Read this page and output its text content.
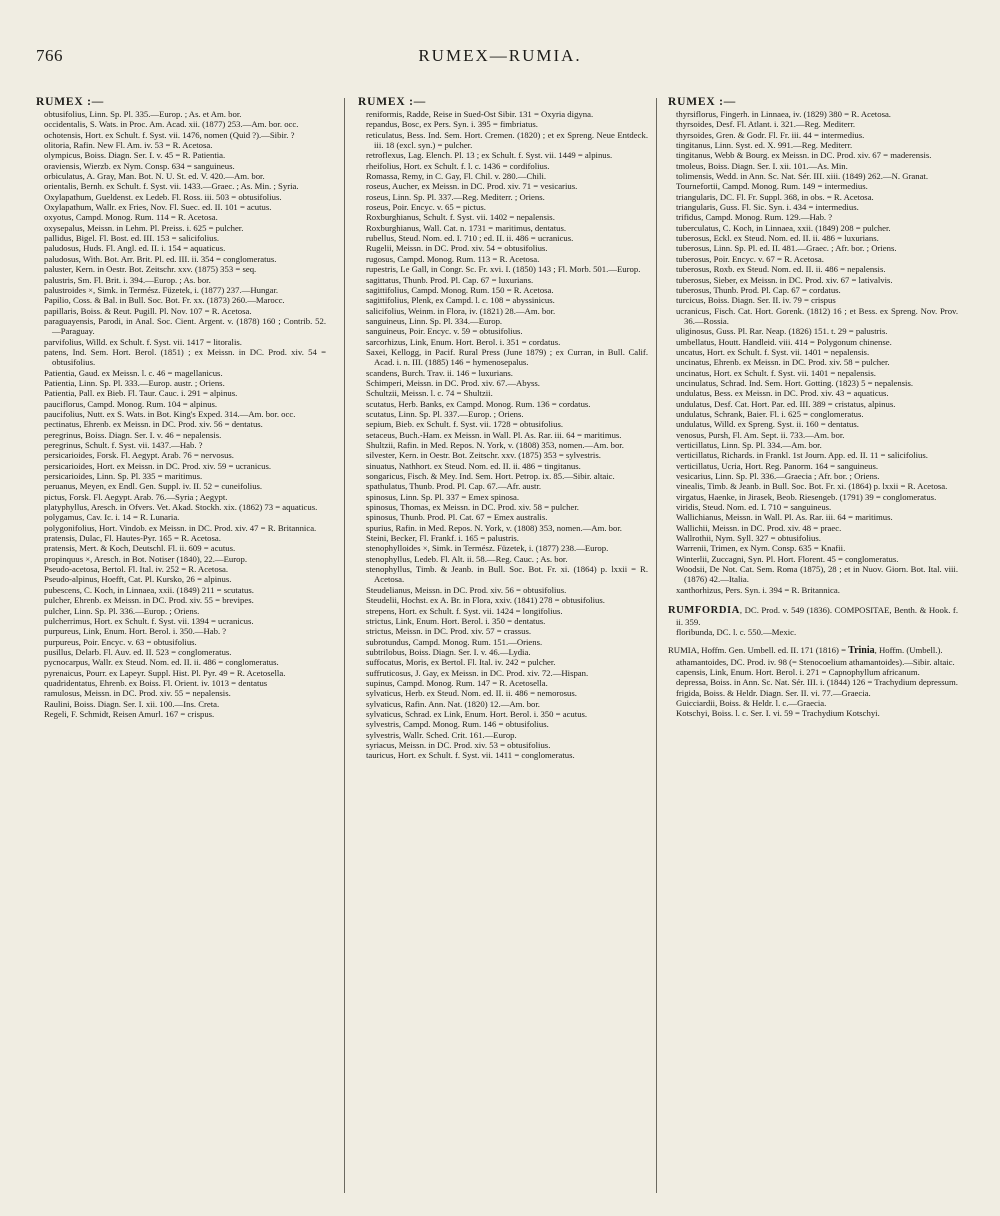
766	RUMEX—RUMIA.
RUMEX :—

obtusifolius, Linn. Sp. Pl. 335.—Europ. ; As. et Am. bor.

occidentalis, S. Wats. in Proc. Am. Acad. xii. (1877) 253.—Am. bor. occ.

ochotensis, Hort. ex Schult. f. Syst. vii. 1476, nomen (Quid ?).—Sibir. ?

olitoria, Rafin. New Fl. Am. iv. 53 = R. Acetosa.

olympicus, Boiss. Diagn. Ser. I. v. 45 = R. Patientia.

oraviensis, Wierzb. ex Nym. Consp. 634 = sanguineus.

orbiculatus, A. Gray, Man. Bot. N. U. St. ed. V. 420.—Am. bor.

orientalis, Bernh. ex Schult. f. Syst. vii. 1433.—Graec. ; As. Min. ; Syria.

Oxylapathum, Gueldenst. ex Ledeb. Fl. Ross. iii. 503 = obtusifolius.

Oxylapathum, Wallr. ex Fries, Nov. Fl. Suec. ed. II. 101 = acutus.

oxyotus, Campd. Monog. Rum. 114 = R. Acetosa.

oxysepalus, Meissn. in Lehm. Pl. Preiss. i. 625 = pulcher.

pallidus, Bigel. Fl. Bost. ed. III. 153 = salicifolius.

paludosus, Huds. Fl. Angl. ed. II. i. 154 = aquaticus.

paludosus, With. Bot. Arr. Brit. Pl. ed. III. ii. 354 = conglomeratus.

paluster, Kern. in Oestr. Bot. Zeitschr. xxv. (1875) 353 = seq.

palustris, Sm. Fl. Brit. i. 394.—Europ. ; As. bor.

palustroides ×, Simk. in Termész. Füzetek, i. (1877) 237.—Hungar.

Papilio, Coss. & Bal. in Bull. Soc. Bot. Fr. xx. (1873) 260.—Marocc.

papillaris, Boiss. & Reut. Pugill. Pl. Nov. 107 = R. Acetosa.

paraguayensis, Parodi, in Anal. Soc. Cient. Argent. v. (1878) 160 ; Contrib. 52.—Paraguay.

parvifolius, Willd. ex Schult. f. Syst. vii. 1417 = litoralis.

patens, Ind. Sem. Hort. Berol. (1851) ; ex Meissn. in DC. Prod. xiv. 54 = obtusifolius.

Patientia, Gaud. ex Meissn. l. c. 46 = magellanicus.

Patientia, Linn. Sp. Pl. 333.—Europ. austr. ; Oriens.

Patientia, Pall. ex Bieb. Fl. Taur. Cauc. i. 291 = alpinus.

pauciflorus, Campd. Monog. Rum. 104 = alpinus.

paucifolius, Nutt. ex S. Wats. in Bot. King's Exped. 314.—Am. bor. occ.

pectinatus, Ehrenb. ex Meissn. in DC. Prod. xiv. 56 = dentatus.

peregrinus, Boiss. Diagn. Ser. I. v. 46 = nepalensis.

peregrinus, Schult. f. Syst. vii. 1437.—Hab. ?

persicarioides, Forsk. Fl. Aegypt. Arab. 76 = nervosus.

persicarioides, Hort. ex Meissn. in DC. Prod. xiv. 59 = ucranicus.

persicarioides, Linn. Sp. Pl. 335 = maritimus.

peruanus, Meyen, ex Endl. Gen. Suppl. iv. II. 52 = cuneifolius.

pictus, Forsk. Fl. Aegypt. Arab. 76.—Syria ; Aegypt.

platyphyllus, Aresch. in Ofvers. Vet. Akad. Stockh. xix. (1862) 73 = aquaticus.

polygamus, Cav. Ic. i. 14 = R. Lunaria.

polygonifolius, Hort. Vindob. ex Meissn. in DC. Prod. xiv. 47 = R. Britannica.

pratensis, Dulac, Fl. Hautes-Pyr. 165 = R. Acetosa.

pratensis, Mert. & Koch, Deutschl. Fl. ii. 609 = acutus.

propinquus ×, Aresch. in Bot. Notiser (1840), 22.—Europ.

Pseudo-acetosa, Bertol. Fl. Ital. iv. 252 = R. Acetosa.

Pseudo-alpinus, Hoefft, Cat. Pl. Kursko, 26 = alpinus.

pubescens, C. Koch, in Linnaea, xxii. (1849) 211 = scutatus.

pulcher, Ehrenb. ex Meissn. in DC. Prod. xiv. 55 = brevipes.

pulcher, Linn. Sp. Pl. 336.—Europ. ; Oriens.

pulcherrimus, Hort. ex Schult. f. Syst. vii. 1394 = ucranicus.

purpureus, Link, Enum. Hort. Berol. i. 350.—Hab. ?

purpureus, Poir. Encyc. v. 63 = obtusifolius.

pusillus, Delarb. Fl. Auv. ed. II. 523 = conglomeratus.

pycnocarpus, Wallr. ex Steud. Nom. ed. II. ii. 486 = conglomeratus.

pyrenaicus, Pourr. ex Lapeyr. Suppl. Hist. Pl. Pyr. 49 = R. Acetosella.

quadridentatus, Ehrenb. ex Boiss. Fl. Orient. iv. 1013 = dentatus

ramulosus, Meissn. in DC. Prod. xiv. 55 = nepalensis.

Raulini, Boiss. Diagn. Ser. I. xii. 100.—Ins. Creta.

Regeli, F. Schmidt, Reisen Amurl. 167 = crispus.

RUMEX :—

reniformis, Radde, Reise in Sued-Ost Sibir. 131 = Oxyria digyna.

repandus, Bosc, ex Pers. Syn. i. 395 = fimbriatus.

reticulatus, Bess. Ind. Sem. Hort. Cremen. (1820) ; et ex Spreng. Neue Entdeck. iii. 18 (excl. syn.) = pulcher.

retroflexus, Lag. Elench. Pl. 13 ; ex Schult. f. Syst. vii. 1449 = alpinus.

rheifolius, Hort. ex Schult. f. l. c. 1436 = cordifolius.

Romassa, Remy, in C. Gay, Fl. Chil. v. 280.—Chili.

roseus, Aucher, ex Meissn. in DC. Prod. xiv. 71 = vesicarius.

roseus, Linn. Sp. Pl. 337.—Reg. Mediterr. ; Oriens.

roseus, Poir. Encyc. v. 65 = pictus.

Roxburghianus, Schult. f. Syst. vii. 1402 = nepalensis.

Roxburghianus, Wall. Cat. n. 1731 = maritimus, dentatus.

rubellus, Steud. Nom. ed. I. 710 ; ed. II. ii. 486 = ucranicus.

Rugelii, Meissn. in DC. Prod. xiv. 54 = obtusifolius.

rugosus, Campd. Monog. Rum. 113 = R. Acetosa.

rupestris, Le Gall, in Congr. Sc. Fr. xvi. I. (1850) 143 ; Fl. Morb. 501.—Europ.

sagittatus, Thunb. Prod. Pl. Cap. 67 = luxurians.

sagittifolius, Campd. Monog. Rum. 150 = R. Acetosa.

sagittifolius, Plenk, ex Campd. l. c. 108 = abyssinicus.

salicifolius, Weinm. in Flora, iv. (1821) 28.—Am. bor.

sanguineus, Linn. Sp. Pl. 334.—Europ.

sanguineus, Poir. Encyc. v. 59 = obtusifolius.

sarcorhizus, Link, Enum. Hort. Berol. i. 351 = cordatus.

Saxei, Kellogg, in Pacif. Rural Press (June 1879) ; ex Curran, in Bull. Calif. Acad. i. n. III. (1885) 146 = hymenosepalus.

scandens, Burch. Trav. ii. 146 = luxurians.

Schimperi, Meissn. in DC. Prod. xiv. 67.—Abyss.

Schultzii, Meissn. l. c. 74 = Shultzii.

scutatus, Herb. Banks, ex Campd. Monog. Rum. 136 = cordatus.

scutatus, Linn. Sp. Pl. 337.—Europ. ; Oriens.

sepium, Bieb. ex Schult. f. Syst. vii. 1728 = obtusifolius.

setaceus, Buch.-Ham. ex Meissn. in Wall. Pl. As. Rar. iii. 64 = maritimus.

Shultzii, Rafin. in Med. Repos. N. York, v. (1808) 353, nomen.—Am. bor.

silvester, Kern. in Oestr. Bot. Zeitschr. xxv. (1875) 353 = sylvestris.

sinuatus, Nathhort. ex Steud. Nom. ed. II. ii. 486 = tingitanus.

songaricus, Fisch. & Mey. Ind. Sem. Hort. Petrop. ix. 85.—Sibir. altaic.

spathulatus, Thunb. Prod. Pl. Cap. 67.—Afr. austr.

spinosus, Linn. Sp. Pl. 337 = Emex spinosa.

spinosus, Thomas, ex Meissn. in DC. Prod. xiv. 58 = pulcher.

spinosus, Thunb. Prod. Pl. Cat. 67 = Emex australis.

spurius, Rafin. in Med. Repos. N. York, v. (1808) 353, nomen.—Am. bor.

Steini, Becker, Fl. Frankf. i. 165 = palustris.

stenophylloides ×, Simk. in Termész. Füzetek, i. (1877) 238.—Europ.

stenophyllus, Ledeb. Fl. Alt. ii. 58.—Reg. Cauc. ; As. bor.

stenophyllus, Timb. & Jeanb. in Bull. Soc. Bot. Fr. xi. (1864) p. lxxii = R. Acetosa.

Steudelianus, Meissn. in DC. Prod. xiv. 56 = obtusifolius.

Steudelii, Hochst. ex A. Br. in Flora, xxiv. (1841) 278 = obtusifolius.

strepens, Hort. ex Schult. f. Syst. vii. 1424 = longifolius.

strictus, Link, Enum. Hort. Berol. i. 350 = dentatus.

strictus, Meissn. in DC. Prod. xiv. 57 = crassus.

subrotundus, Campd. Monog. Rum. 151.—Oriens.

subtrilobus, Boiss. Diagn. Ser. I. v. 46.—Lydia.

suffocatus, Moris, ex Bertol. Fl. Ital. iv. 242 = pulcher.

suffruticosus, J. Gay, ex Meissn. in DC. Prod. xiv. 72.—Hispan.

supinus, Campd. Monog. Rum. 147 = R. Acetosella.

sylvaticus, Herb. ex Steud. Nom. ed. II. ii. 486 = nemorosus.

sylvaticus, Rafin. Ann. Nat. (1820) 12.—Am. bor.

sylvaticus, Schrad. ex Link, Enum. Hort. Berol. i. 350 = acutus.

sylvestris, Campd. Monog. Rum. 146 = obtusifolius.

sylvestris, Wallr. Sched. Crit. 161.—Europ.

syriacus, Meissn. in DC. Prod. xiv. 53 = obtusifolius.

tauricus, Hort. ex Schult. f. Syst. vii. 1411 = conglomeratus.

RUMEX :—

thyrsiflorus, Fingerh. in Linnaea, iv. (1829) 380 = R. Acetosa.

thyrsoides, Desf. Fl. Atlant. i. 321.—Reg. Mediterr.

thyrsoides, Gren. & Godr. Fl. Fr. iii. 44 = intermedius.

tingitanus, Linn. Syst. ed. X. 991.—Reg. Mediterr.

tingitanus, Webb & Bourg. ex Meissn. in DC. Prod. xiv. 67 = maderensis.

tmoleus, Boiss. Diagn. Ser. I. xii. 101.—As. Min.

tolimensis, Wedd. in Ann. Sc. Nat. Sér. III. xiii. (1849) 262.—N. Granat.

Tournefortii, Campd. Monog. Rum. 149 = intermedius.

triangularis, DC. Fl. Fr. Suppl. 368, in obs. = R. Acetosa.

triangularis, Guss. Fl. Sic. Syn. i. 434 = intermedius.

trifidus, Campd. Monog. Rum. 129.—Hab. ?

tuberculatus, C. Koch, in Linnaea, xxii. (1849) 208 = pulcher.

tuberosus, Eckl. ex Steud. Nom. ed. II. ii. 486 = luxurians.

tuberosus, Linn. Sp. Pl. ed. II. 481.—Graec. ; Afr. bor. ; Oriens.

tuberosus, Poir. Encyc. v. 67 = R. Acetosa.

tuberosus, Roxb. ex Steud. Nom. ed. II. ii. 486 = nepalensis.

tuberosus, Sieber, ex Meissn. in DC. Prod. xiv. 67 = lativalvis.

tuberosus, Thunb. Prod. Pl. Cap. 67 = cordatus.

turcicus, Boiss. Diagn. Ser. II. iv. 79 = crispus

ucranicus, Fisch. Cat. Hort. Gorenk. (1812) 16 ; et Bess. ex Spreng. Nov. Prov. 36.—Rossia.

uliginosus, Guss. Pl. Rar. Neap. (1826) 151. t. 29 = palustris.

umbellatus, Houtt. Handleid. viii. 414 = Polygonum chinense.

uncatus, Hort. ex Schult. f. Syst. vii. 1401 = nepalensis.

uncinatus, Ehrenb. ex Meissn. in DC. Prod. xiv. 58 = pulcher.

uncinatus, Hort. ex Schult. f. Syst. vii. 1401 = nepalensis.

uncinulatus, Schrad. Ind. Sem. Hort. Gotting. (1823) 5 = nepalensis.

undulatus, Bess. ex Meissn. in DC. Prod. xiv. 43 = aquaticus.

undulatus, Desf. Cat. Hort. Par. ed. III. 389 = cristatus, alpinus.

undulatus, Schrank, Baier. Fl. i. 625 = conglomeratus.

undulatus, Willd. ex Spreng. Syst. ii. 160 = dentatus.

venosus, Pursh, Fl. Am. Sept. ii. 733.—Am. bor.

verticillatus, Linn. Sp. Pl. 334.—Am. bor.

verticillatus, Richards. in Frankl. 1st Journ. App. ed. II. 11 = salicifolius.

verticillatus, Ucria, Hort. Reg. Panorm. 164 = sanguineus.

vesicarius, Linn. Sp. Pl. 336.—Graecia ; Afr. bor. ; Oriens.

vinealis, Timb. & Jeanb. in Bull. Soc. Bot. Fr. xi. (1864) p. lxxii = R. Acetosa.

virgatus, Haenke, in Jirasek, Beob. Riesengeb. (1791) 39 = conglomeratus.

viridis, Steud. Nom. ed. I. 710 = sanguineus.

Wallichianus, Meissn. in Wall. Pl. As. Rar. iii. 64 = maritimus.

Wallichii, Meissn. in DC. Prod. xiv. 48 = praec.

Wallrothii, Nym. Syll. 327 = obtusifolius.

Warrenii, Trimen, ex Nym. Consp. 635 = Knafii.

Winterlii, Zuccagni, Syn. Pl. Hort. Florent. 45 = conglomeratus.

Woodsii, De Not. Cat. Sem. Roma (1875), 28 ; et in Nuov. Giorn. Bot. Ital. viii. (1876) 42.—Italia.

xanthorhizus, Pers. Syn. i. 394 = R. Britannica.

RUMFORDIA, DC. Prod. v. 549 (1836). COMPOSITAE, Benth. & Hook. f. ii. 359.

floribunda, DC. l. c. 550.—Mexic.

RUMIA, Hoffm. Gen. Umbell. ed. II. 171 (1816) = Trinia, Hoffm. (Umbell.).

athamantoides, DC. Prod. iv. 98 (= Stenocoelium athamantoides).—Sibir. altaic.

capensis, Link, Enum. Hort. Berol. i. 271 = Capnophyllum africanum.

depressa, Boiss. in Ann. Sc. Nat. Sér. III. i. (1844) 126 = Trachydium depressum.

frigida, Boiss. & Heldr. Diagn. Ser. II. vi. 77.—Graecia.

Guicciardii, Boiss. & Heldr. l. c.—Graecia.

Kotschyi, Boiss. l. c. Ser. I. vi. 59 = Trachydium Kotschyi.
